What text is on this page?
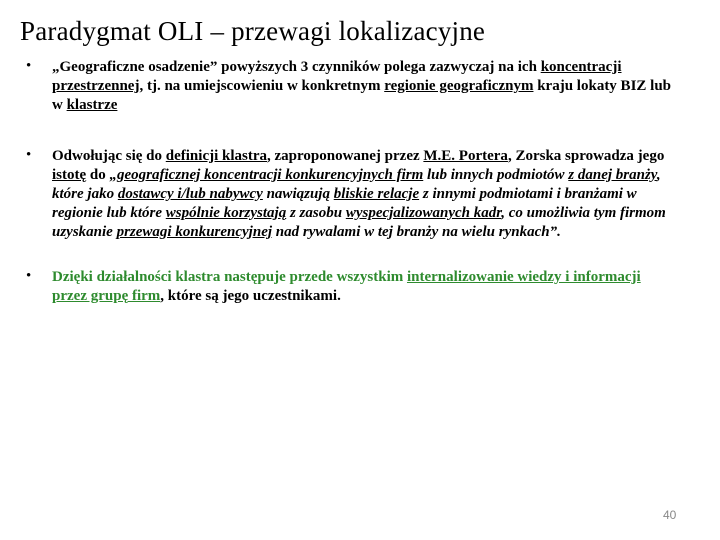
Paradygmat OLI – przewagi lokalizacyjne
• „Geograficzne osadzenie” powyższych 3 czynników polega zazwyczaj na ich koncentracji przestrzennej, tj. na umiejscowieniu w konkretnym regionie geograficznym kraju lokaty BIZ lub w klastrze
• Odwołując się do definicji klastra, zaproponowanej przez M.E. Portera, Zorska sprowadza jego istotę do „geograficznej koncentracji konkurencyjnych firm lub innych podmiotów z danej branży, które jako dostawcy i/lub nabywcy nawiązują bliskie relacje z innymi podmiotami i branżami w regionie lub które wspólnie korzystają z zasobu wyspecjalizowanych kadr, co umożliwia tym firmom uzyskanie przewagi konkurencyjnej nad rywalami w tej branży na wielu rynkach”.
• Dzięki działalności klastra następuje przede wszystkim internalizowanie wiedzy i informacji przez grupę firm, które są jego uczestnikami.
40
